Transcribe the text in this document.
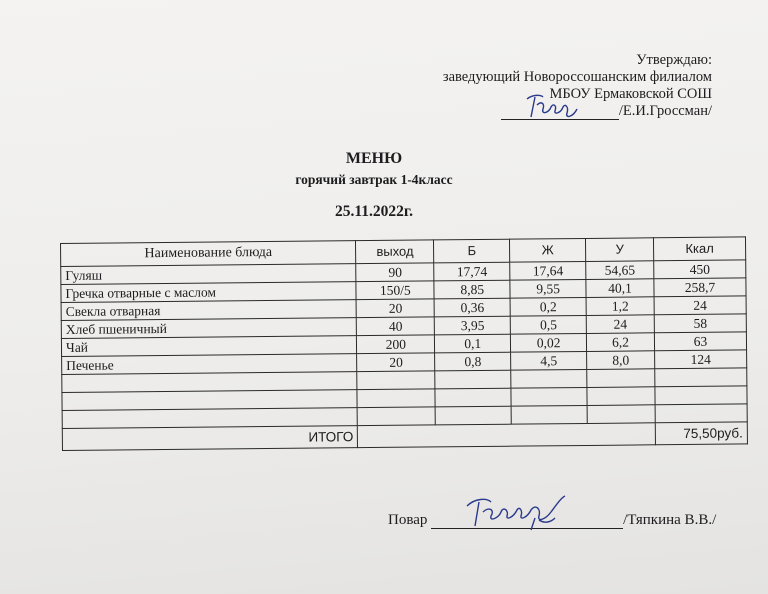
Утверждаю:
заведующий Новороссошанским филиалом
МБОУ Ермаковской СОШ
/Е.И.Гроссман/
МЕНЮ
горячий завтрак 1-4класс
25.11.2022г.
Наименование блюда	выход	Б	Ж	У	Ккал
Гуляш	90	17,74	17,64	54,65	450
Гречка отварные с маслом	150/5	8,85	9,55	40,1	258,7
Свекла отварная	20	0,36	0,2	1,2	24
Хлеб пшеничный	40	3,95	0,5	24	58
Чай	200	0,1	0,02	6,2	63
Печенье	20	0,8	4,5	8,0	124

ИТОГО					75,50руб.
Повар	/Тяпкина В.В./
